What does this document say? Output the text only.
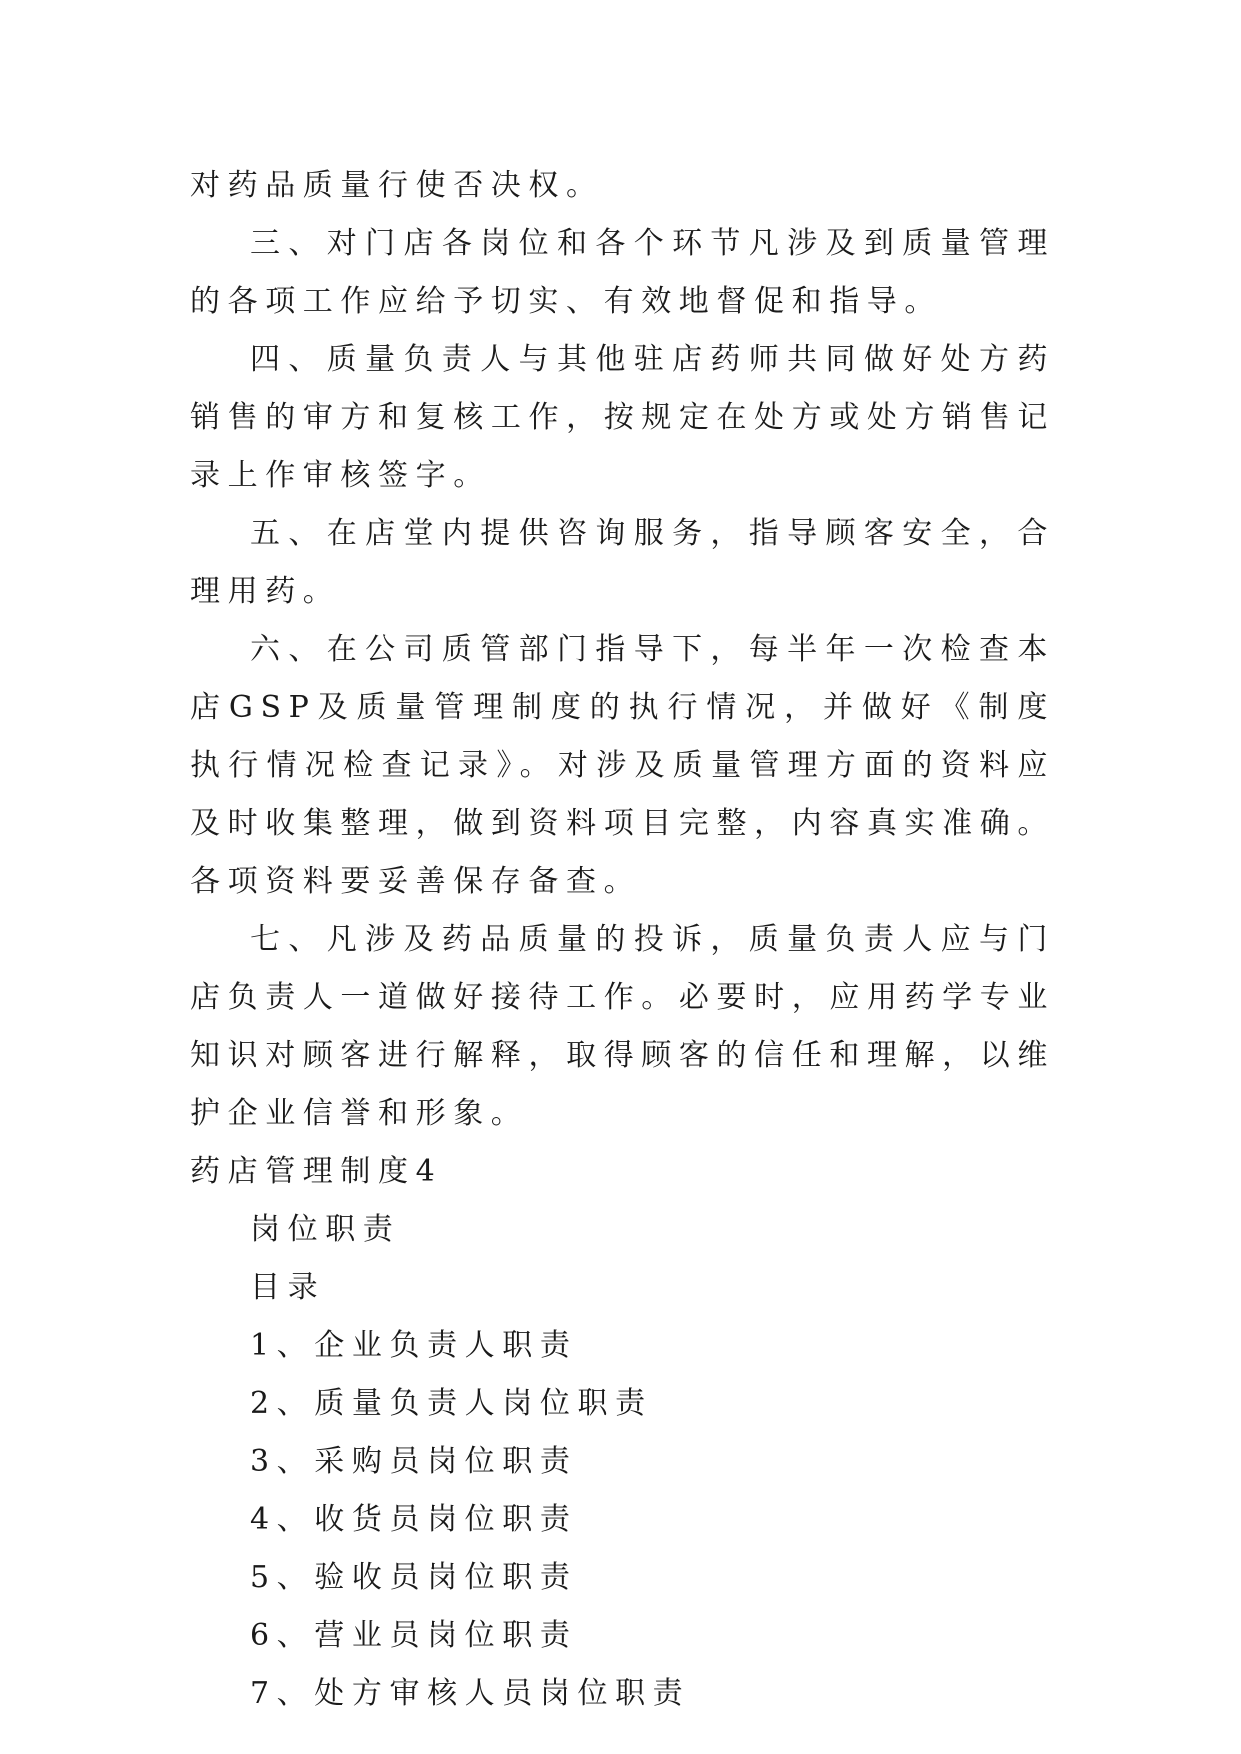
对药品质量行使否决权。

三、对门店各岗位和各个环节凡涉及到质量管理的各项工作应给予切实、有效地督促和指导。

四、质量负责人与其他驻店药师共同做好处方药销售的审方和复核工作，按规定在处方或处方销售记录上作审核签字。

五、在店堂内提供咨询服务，指导顾客安全，合理用药。

六、在公司质管部门指导下，每半年一次检查本店GSP及质量管理制度的执行情况，并做好《制度执行情况检查记录》。对涉及质量管理方面的资料应及时收集整理，做到资料项目完整，内容真实准确。各项资料要妥善保存备查。

七、凡涉及药品质量的投诉，质量负责人应与门店负责人一道做好接待工作。必要时，应用药学专业知识对顾客进行解释，取得顾客的信任和理解，以维护企业信誉和形象。

药店管理制度4

岗位职责

目录

1、企业负责人职责
2、质量负责人岗位职责
3、采购员岗位职责
4、收货员岗位职责
5、验收员岗位职责
6、营业员岗位职责
7、处方审核人员岗位职责
